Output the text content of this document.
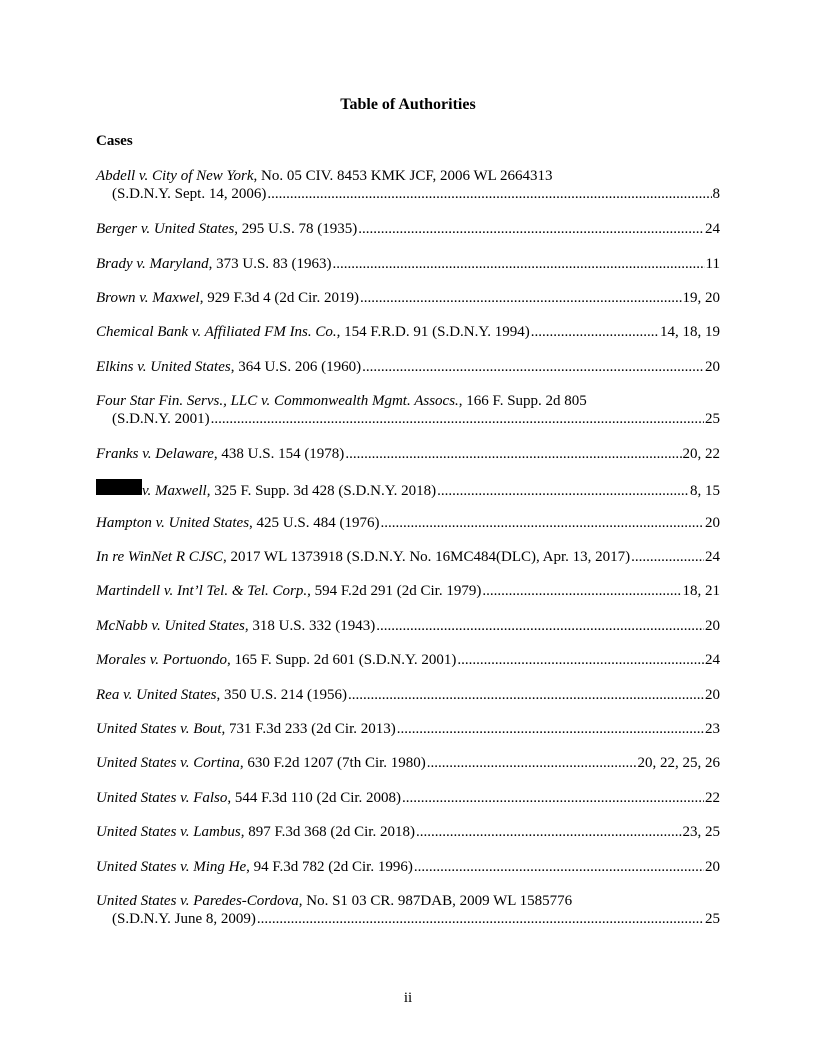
Table of Authorities
Cases
Abdell v. City of New York , No. 05 CIV. 8453 KMK JCF, 2006 WL 2664313
(S.D.N.Y. Sept. 14, 2006) .....	8
Berger v. United States , 295 U.S. 78 (1935) .....	24
Brady v. Maryland , 373 U.S. 83 (1963) .....	11
Brown v. Maxwel , 929 F.3d 4 (2d Cir. 2019) .....	19, 20
Chemical Bank v. Affiliated FM Ins. Co. , 154 F.R.D. 91 (S.D.N.Y. 1994) .....	14, 18, 19
Elkins v. United States , 364 U.S. 206 (1960) .....	20
Four Star Fin. Servs., LLC v. Commonwealth Mgmt. Assocs. , 166 F. Supp. 2d 805
(S.D.N.Y. 2001) .....	25
Franks v. Delaware , 438 U.S. 154 (1978) .....	20, 22
v. Maxwell , 325 F. Supp. 3d 428 (S.D.N.Y. 2018) .....	8, 15
Hampton v. United States , 425 U.S. 484 (1976) .....	20
In re WinNet R CJSC , 2017 WL 1373918 (S.D.N.Y. No. 16MC484(DLC), Apr. 13, 2017) .....	24
Martindell v. Int’l Tel. & Tel. Corp. , 594 F.2d 291 (2d Cir. 1979) .....	18, 21
McNabb v. United States , 318 U.S. 332 (1943) .....	20
Morales v. Portuondo , 165 F. Supp. 2d 601 (S.D.N.Y. 2001) .....	24
Rea v. United States , 350 U.S. 214 (1956) .....	20
United States v. Bout , 731 F.3d 233 (2d Cir. 2013) .....	23
United States v. Cortina , 630 F.2d 1207 (7th Cir. 1980) .....	20, 22, 25, 26
United States v. Falso , 544 F.3d 110 (2d Cir. 2008) .....	22
United States v. Lambus , 897 F.3d 368 (2d Cir. 2018) .....	23, 25
United States v. Ming He , 94 F.3d 782 (2d Cir. 1996) .....	20
United States v. Paredes-Cordova , No. S1 03 CR. 987DAB, 2009 WL 1585776
(S.D.N.Y. June 8, 2009) .....	25
ii
